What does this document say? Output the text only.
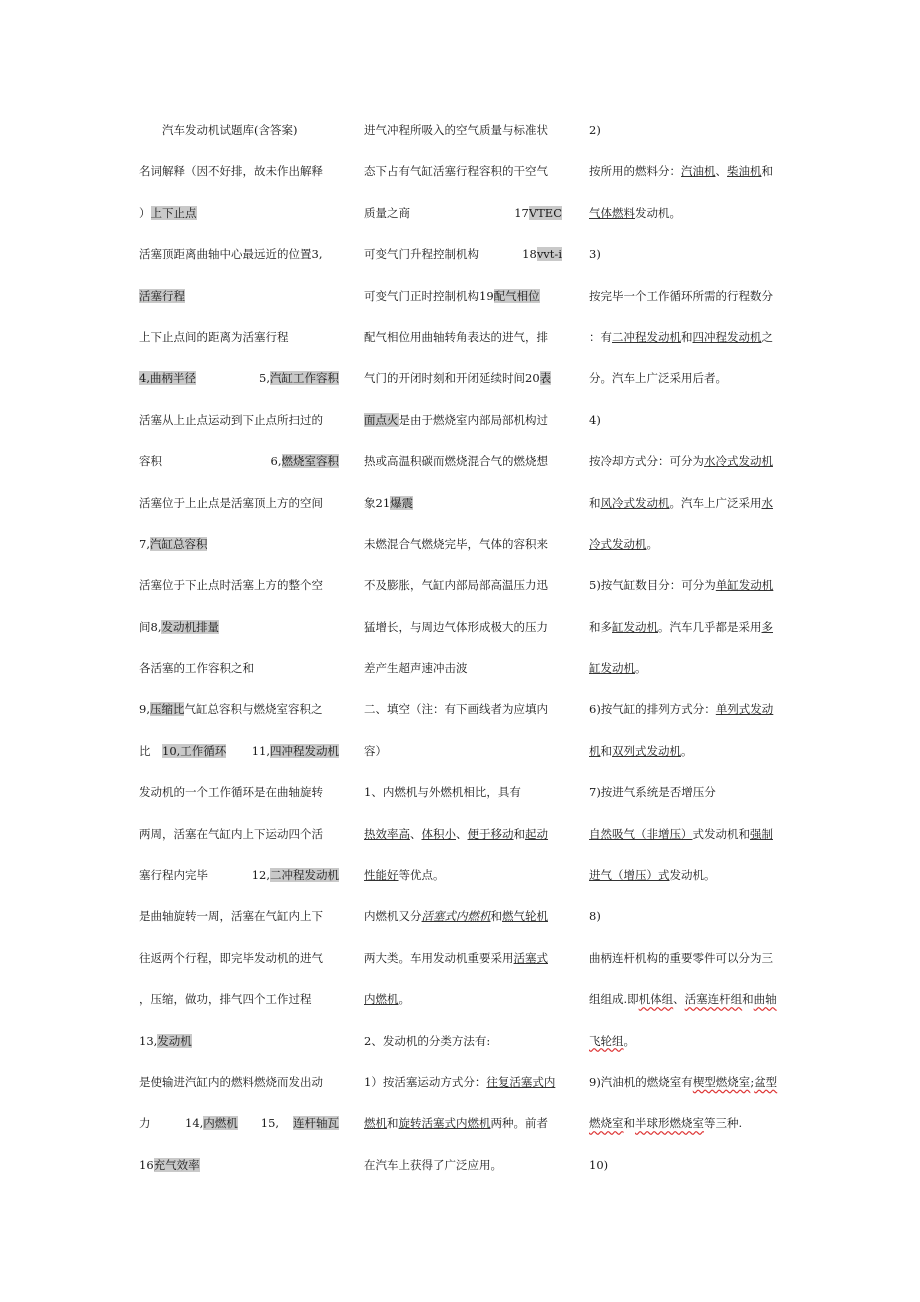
　　汽车发动机试题库(含答案)
名词解释（因不好排，故未作出解释
）上下止点
活塞顶距离曲轴中心最远近的位置3,
活塞行程
上下止点间的距离为活塞行程
4,曲柄半径	5,汽缸工作容积
活塞从上止点运动到下止点所扫过的
容积	6,燃烧室容积
活塞位于上止点是活塞顶上方的空间
7,汽缸总容积
活塞位于下止点时活塞上方的整个空
间8,发动机排量
各活塞的工作容积之和
9,压缩比气缸总容积与燃烧室容积之
比　10,工作循环 11,四冲程发动机
发动机的一个工作循环是在曲轴旋转
两周，活塞在气缸内上下运动四个活
塞行程内完毕	12,二冲程发动机
是曲轴旋转一周，活塞在气缸内上下
往返两个行程，即完毕发动机的进气
，压缩，做功，排气四个工作过程
13,发动机
是使输进汽缸内的燃料燃烧而发出动
力　　　14,内燃机　　15,　 连杆轴瓦
16充气效率
进气冲程所吸入的空气质量与标准状
态下占有气缸活塞行程容积的干空气
质量之商	17VTEC
可变气门升程控制机构	18vvt-i
可变气门正时控制机构19配气相位
配气相位用曲轴转角表达的进气，排
气门的开闭时刻和开闭延续时间20表
面点火是由于燃烧室内部局部机构过
热或高温积碳而燃烧混合气的燃烧想
象21爆震
未燃混合气燃烧完毕，气体的容积来
不及膨胀，气缸内部局部高温压力迅
猛增长，与周边气体形成极大的压力
差产生超声速冲击波
二、填空（注：有下画线者为应填内
容）
1、内燃机与外燃机相比，具有
热效率高、体积小、便于移动和起动
性能好等优点。
内燃机又分活塞式内燃机和燃气轮机
两大类。车用发动机重要采用活塞式
内燃机。
2、发动机的分类方法有:
1）按活塞运动方式分：往复活塞式内
燃机和旋转活塞式内燃机两种。前者
在汽车上获得了广泛应用。
2)
按所用的燃料分：汽油机、柴油机和
气体燃料发动机。
3)
按完毕一个工作循环所需的行程数分
：有二冲程发动机和四冲程发动机之
分。汽车上广泛采用后者。
4)
按冷却方式分：可分为水冷式发动机
和风冷式发动机。汽车上广泛采用水
冷式发动机。
5)按气缸数目分：可分为单缸发动机
和多缸发动机。汽车几乎都是采用多
缸发动机。
6)按气缸的排列方式分：单列式发动
机和双列式发动机。
7)按进气系统是否增压分
自然吸气（非增压）式发动机和强制
进气（增压）式发动机。
8)
曲柄连杆机构的重要零件可以分为三
组组成.即机体组、活塞连杆组和曲轴
飞轮组。
9)汽油机的燃烧室有楔型燃烧室;盆型
燃烧室和半球形燃烧室等三种.
10)
